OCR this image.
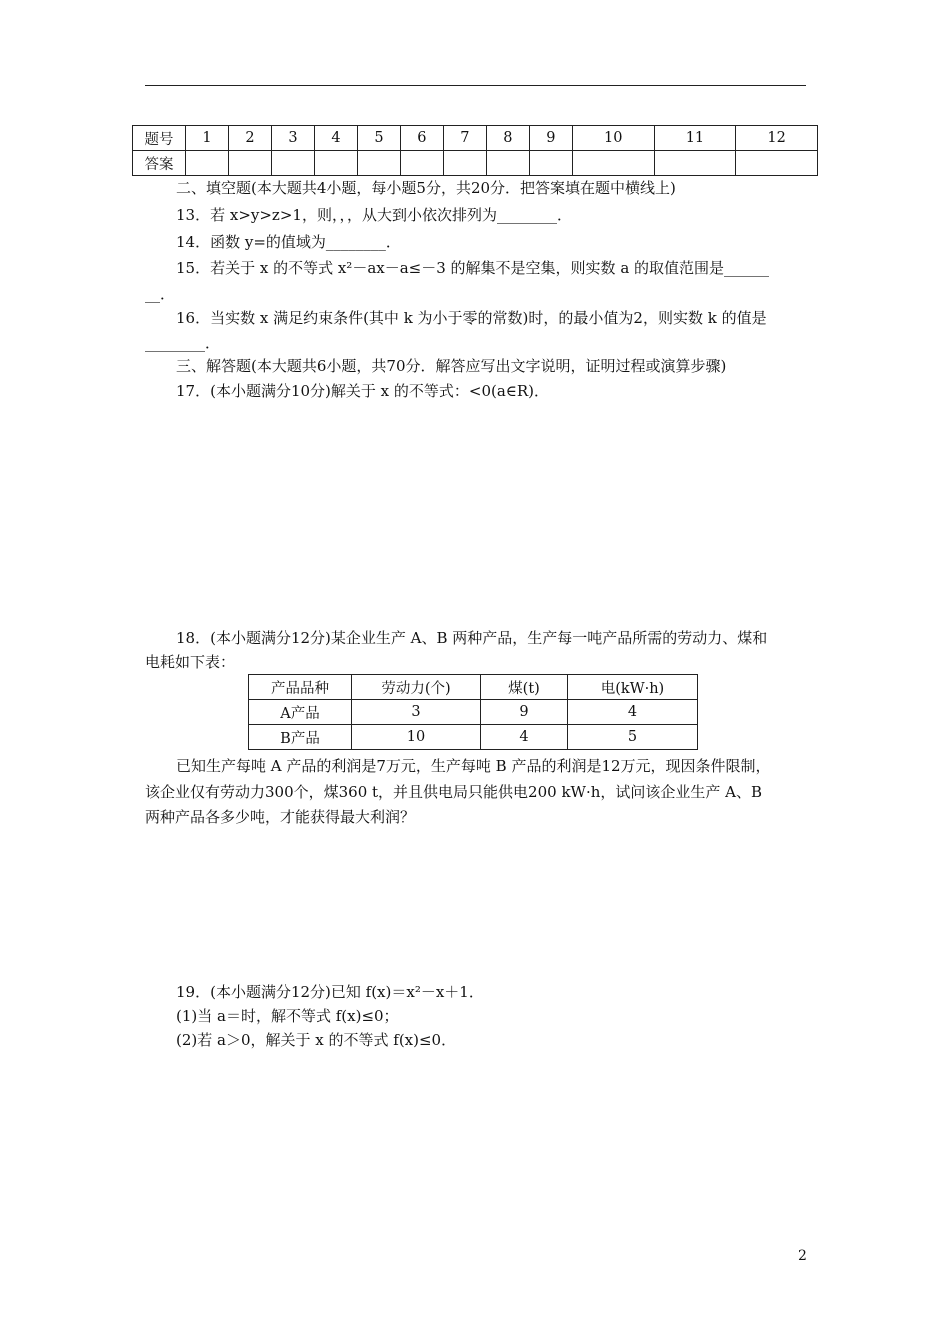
题号	1	2	3	4	5	6	7	8	9	10	11	12
答案												
二、填空题(本大题共4小题，每小题5分，共20分．把答案填在题中横线上)
13．若 x>y>z>1，则，，，从大到小依次排列为________．
14．函数 y=的值域为________．
15．若关于 x 的不等式 x²－ax－a≤－3 的解集不是空集，则实数 a 的取值范围是______
__．
16．当实数 x 满足约束条件(其中 k 为小于零的常数)时，的最小值为2，则实数 k 的值是
________．
三、解答题(本大题共6小题，共70分．解答应写出文字说明，证明过程或演算步骤)
17．(本小题满分10分)解关于 x 的不等式：<0(a∈R)．
18．(本小题满分12分)某企业生产 A、B 两种产品，生产每一吨产品所需的劳动力、煤和
电耗如下表：
产品品种	劳动力(个)	煤(t)	电(kW·h)
A产品	3	9	4
B产品	10	4	5
已知生产每吨 A 产品的利润是7万元，生产每吨 B 产品的利润是12万元，现因条件限制，
该企业仅有劳动力300个，煤360 t，并且供电局只能供电200 kW·h，试问该企业生产 A、B
两种产品各多少吨，才能获得最大利润？
19．(本小题满分12分)已知 f(x)＝x²－x＋1．
(1)当 a＝时，解不等式 f(x)≤0；
(2)若 a＞0，解关于 x 的不等式 f(x)≤0．
2
